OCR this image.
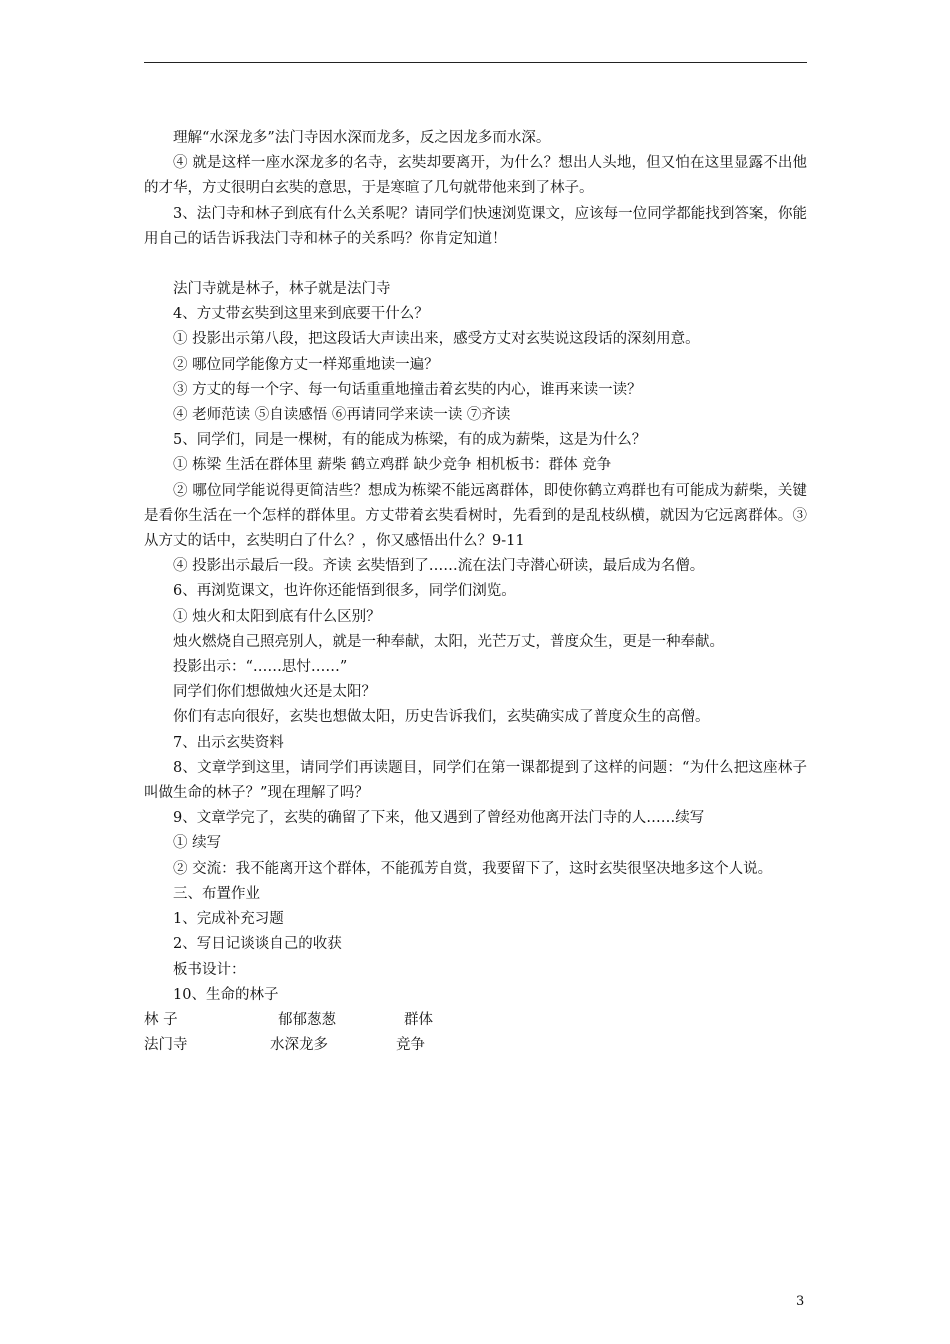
理解“水深龙多”法门寺因水深而龙多，反之因龙多而水深。

④ 就是这样一座水深龙多的名寺，玄奘却要离开，为什么？想出人头地，但又怕在这里显露不出他的才华，方丈很明白玄奘的意思，于是寒暄了几句就带他来到了林子。

3、法门寺和林子到底有什么关系呢？请同学们快速浏览课文，应该每一位同学都能找到答案，你能用自己的话告诉我法门寺和林子的关系吗？你肯定知道！

法门寺就是林子，林子就是法门寺

4、方丈带玄奘到这里来到底要干什么？

① 投影出示第八段，把这段话大声读出来，感受方丈对玄奘说这段话的深刻用意。

② 哪位同学能像方丈一样郑重地读一遍？

③ 方丈的每一个字、每一句话重重地撞击着玄奘的内心，谁再来读一读？

④ 老师范读 ⑤自读感悟 ⑥再请同学来读一读 ⑦齐读

5、同学们，同是一棵树，有的能成为栋梁，有的成为薪柴，这是为什么？

① 栋梁 生活在群体里 薪柴 鹤立鸡群 缺少竞争 相机板书：群体 竞争

② 哪位同学能说得更简洁些？想成为栋梁不能远离群体，即使你鹤立鸡群也有可能成为薪柴，关键是看你生活在一个怎样的群体里。方丈带着玄奘看树时，先看到的是乱枝纵横，就因为它远离群体。③从方丈的话中，玄奘明白了什么？，你又感悟出什么？9-11

④ 投影出示最后一段。齐读 玄奘悟到了……流在法门寺潜心研读，最后成为名僧。

6、再浏览课文，也许你还能悟到很多，同学们浏览。

① 烛火和太阳到底有什么区别？

烛火燃烧自己照亮别人，就是一种奉献，太阳，光芒万丈，普度众生，更是一种奉献。

投影出示：“……思忖……”

同学们你们想做烛火还是太阳？

你们有志向很好，玄奘也想做太阳，历史告诉我们，玄奘确实成了普度众生的高僧。

7、出示玄奘资料

8、文章学到这里，请同学们再读题目，同学们在第一课都提到了这样的问题：“为什么把这座林子叫做生命的林子？”现在理解了吗？

9、文章学完了，玄奘的确留了下来，他又遇到了曾经劝他离开法门寺的人……续写

① 续写

② 交流：我不能离开这个群体，不能孤芳自赏，我要留下了，这时玄奘很坚决地多这个人说。

三、布置作业

1、完成补充习题

2、写日记谈谈自己的收获

板书设计：

10、生命的林子

林 子	郁郁葱葱	群体
法门寺	水深龙多	竞争
3
